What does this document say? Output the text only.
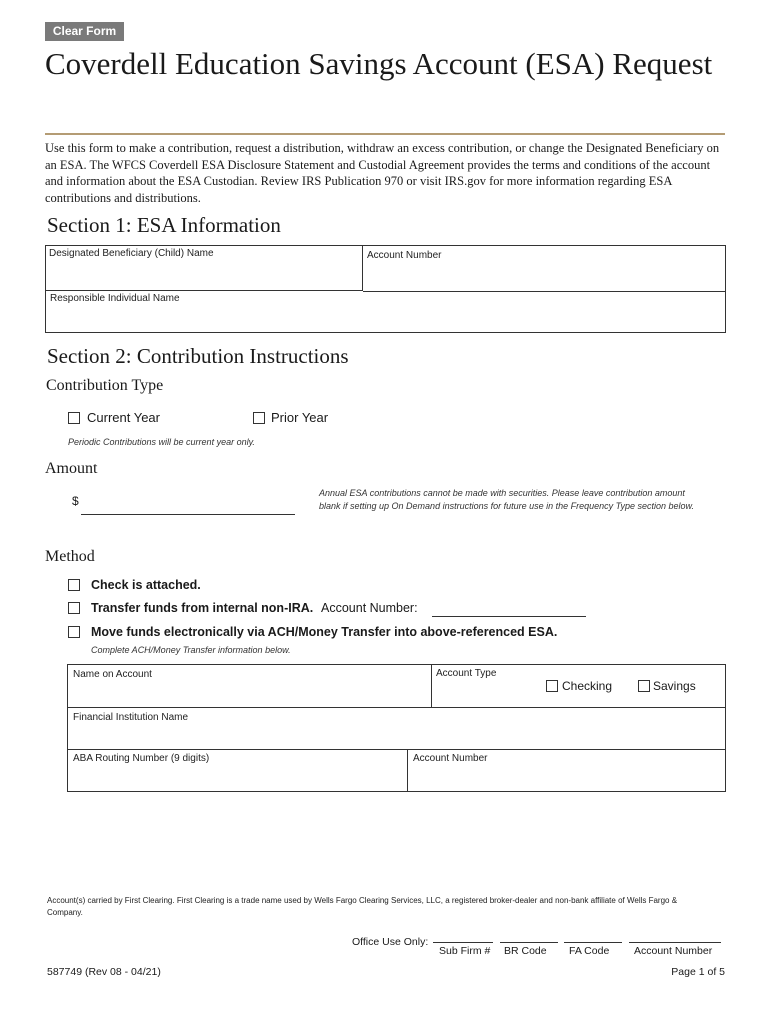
Clear Form
Coverdell Education Savings Account (ESA) Request
Use this form to make a contribution, request a distribution, withdraw an excess contribution, or change the Designated Beneficiary on an ESA. The WFCS Coverdell ESA Disclosure Statement and Custodial Agreement provides the terms and conditions of the account and information about the ESA Custodian. Review IRS Publication 970 or visit IRS.gov for more information regarding ESA contributions and distributions.
Section 1: ESA Information
Designated Beneficiary (Child) Name	Account Number
Responsible Individual Name
Section 2: Contribution Instructions
Contribution Type
Current Year	Prior Year
Periodic Contributions will be current year only.
Amount
$
Annual ESA contributions cannot be made with securities. Please leave contribution amount blank if setting up On Demand instructions for future use in the Frequency Type section below.
Method
Check is attached.
Transfer funds from internal non-IRA. Account Number:
Move funds electronically via ACH/Money Transfer into above-referenced ESA.
Complete ACH/Money Transfer information below.
Name on Account	Account Type
Checking	Savings
Financial Institution Name
ABA Routing Number (9 digits)	Account Number
Account(s) carried by First Clearing. First Clearing is a trade name used by Wells Fargo Clearing Services, LLC, a registered broker-dealer and non-bank affiliate of Wells Fargo & Company.
Office Use Only:
Sub Firm # BR Code FA Code Account Number
587749 (Rev 08 - 04/21)	Page 1 of 5
